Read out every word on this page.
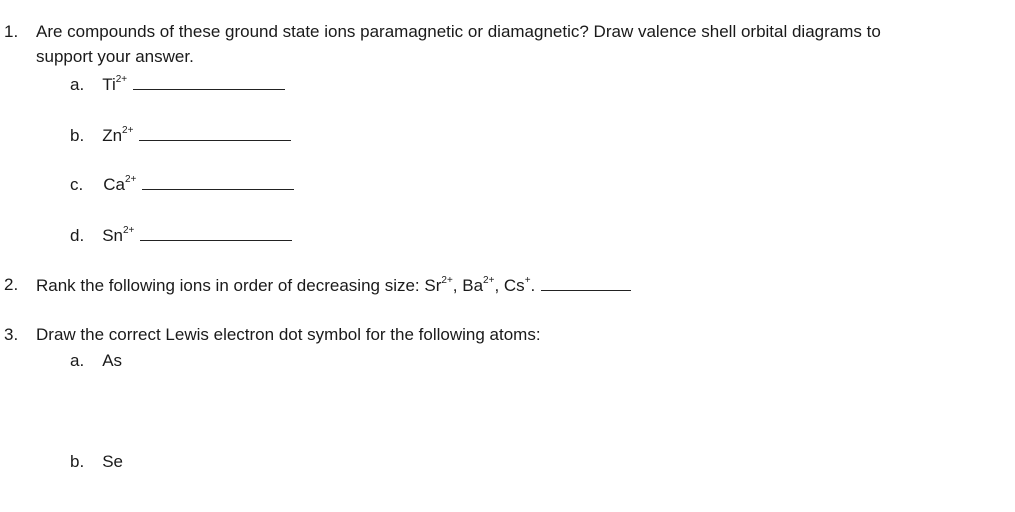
1. Are compounds of these ground state ions paramagnetic or diamagnetic? Draw valence shell orbital diagrams to
support your answer.
a. $Ti^{2+}$
b. $Zn^{2+}$
c. $Ca^{2+}$
d. $Sn^{2+}$
2. Rank the following ions in order of decreasing size: $Sr^{2+}$, $Ba^{2+}$, Cs+.
3. Draw the correct Lewis electron dot symbol for the following atoms:
a. As
b. Se
